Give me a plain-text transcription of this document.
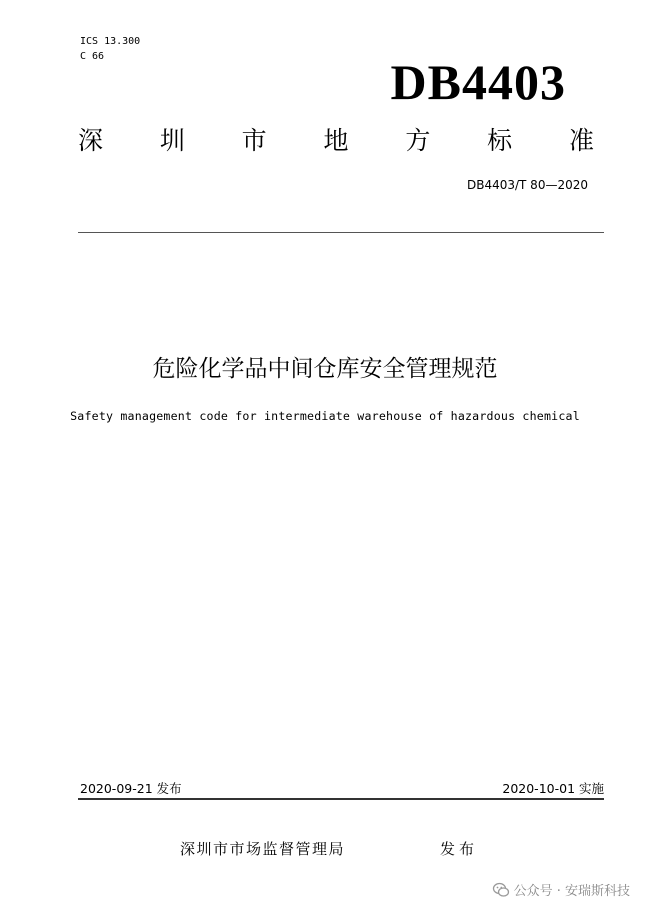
ICS 13.300
C 66	DB4403
深 圳 市 地 方 标 准
DB4403/T 80—2020
危险化学品中间仓库安全管理规范
Safety management code for intermediate warehouse of hazardous chemical
2020-09-21 发布	2020-10-01 实施
深圳市市场监督管理局	发布
公众号 · 安瑞斯科技
